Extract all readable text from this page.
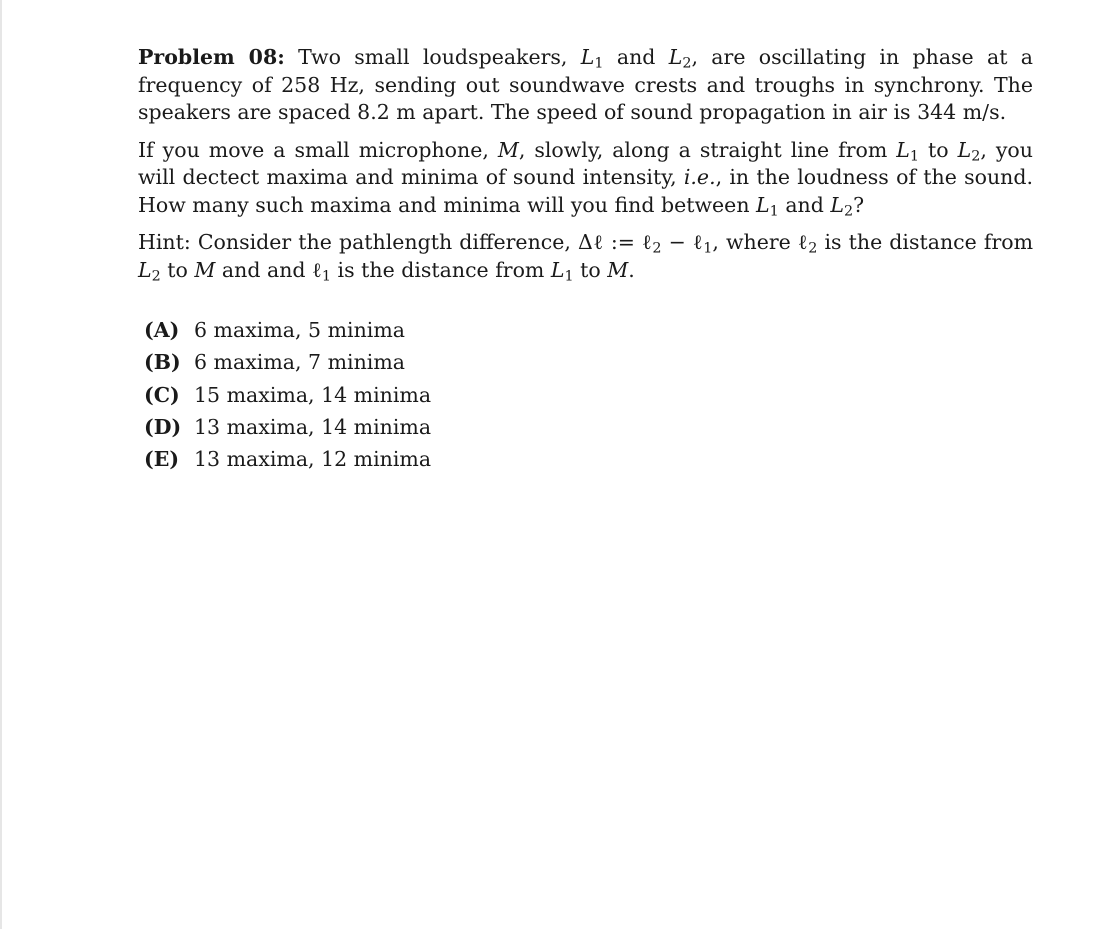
Problem 08: Two small loudspeakers, $L_1$ and $L_2$, are oscillating in phase at a frequency of 258 Hz, sending out soundwave crests and troughs in synchrony. The speakers are spaced 8.2 m apart. The speed of sound propagation in air is 344 m/s.

If you move a small microphone, M, slowly, along a straight line from $L_1$ to $L_2$, you will dectect maxima and minima of sound intensity, i.e., in the loudness of the sound. How many such maxima and minima will you find between $L_1$ and $L_2$?

Hint: Consider the pathlength difference, Δℓ := ℓ$_2$ − ℓ$_1$, where ℓ$_2$ is the distance from $L_2$ to M and and ℓ$_1$ is the distance from $L_1$ to M.

(A) 6 maxima, 5 minima
(B) 6 maxima, 7 minima
(C) 15 maxima, 14 minima
(D) 13 maxima, 14 minima
(E) 13 maxima, 12 minima
